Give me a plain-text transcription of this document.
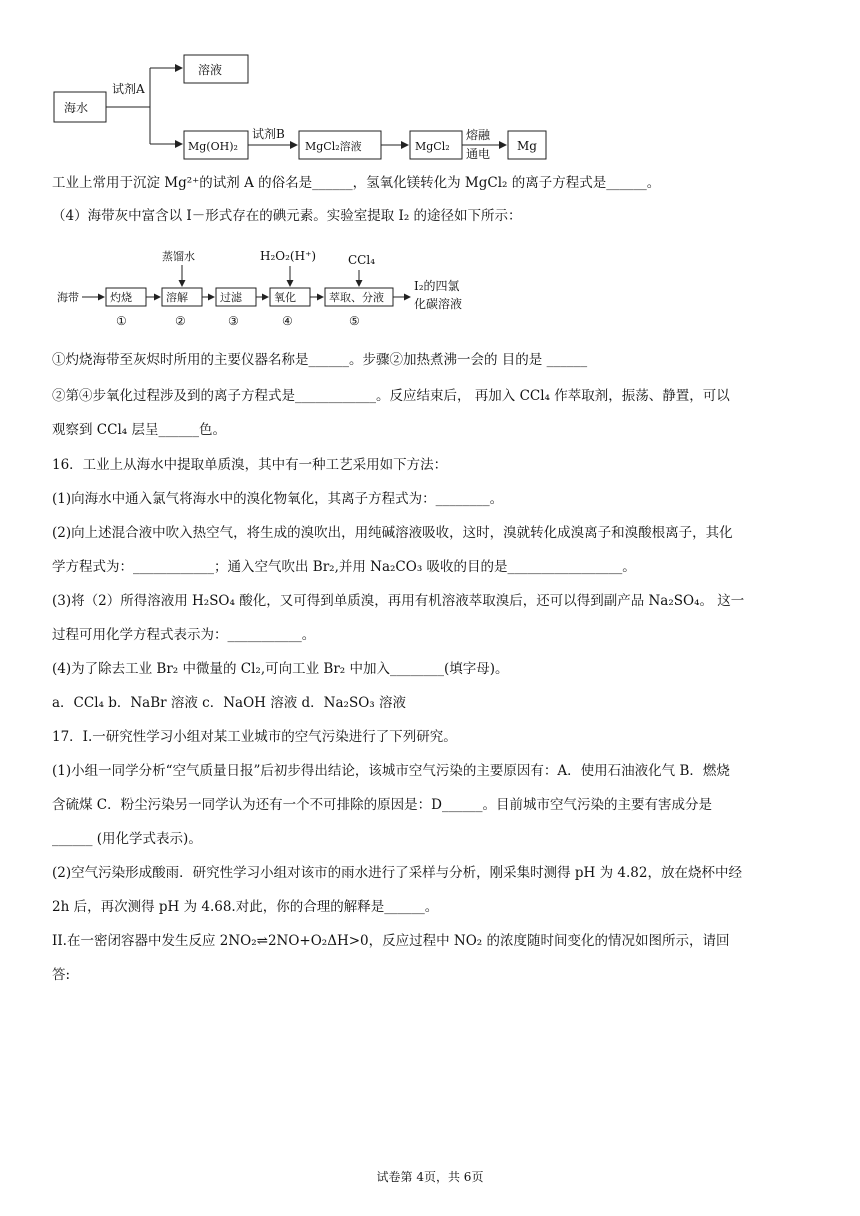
海水
试剂A
溶液
Mg(OH)₂
试剂B
MgCl₂溶液	MgCl₂
熔融
通电
Mg
工业上常用于沉淀 Mg²⁺的试剂 A 的俗名是______，氢氧化镁转化为 MgCl₂ 的离子方程式是______。
（4）海带灰中富含以 I－形式存在的碘元素。实验室提取 I₂ 的途径如下所示：
海带	灼烧	溶解	过滤	氧化	萃取、分液
I₂的四氯
化碳溶液
蒸馏水	H₂O₂(H⁺)	CCl₄
①	②	③	④	⑤
①灼烧海带至灰烬时所用的主要仪器名称是______。步骤②加热煮沸一会的 目的是 ______
②第④步氧化过程涉及到的离子方程式是____________。反应结束后， 再加入 CCl₄ 作萃取剂，振荡、静置，可以
观察到 CCl₄ 层呈______色。
16．工业上从海水中提取单质溴，其中有一种工艺采用如下方法：
(1)向海水中通入氯气将海水中的溴化物氧化，其离子方程式为：________。
(2)向上述混合液中吹入热空气，将生成的溴吹出，用纯碱溶液吸收，这时，溴就转化成溴离子和溴酸根离子，其化
学方程式为：____________；通入空气吹出 Br₂,并用 Na₂CO₃ 吸收的目的是_________________。
(3)将（2）所得溶液用 H₂SO₄ 酸化，又可得到单质溴，再用有机溶液萃取溴后，还可以得到副产品 Na₂SO₄。 这一
过程可用化学方程式表示为：___________。
(4)为了除去工业 Br₂ 中微量的 Cl₂,可向工业 Br₂ 中加入________(填字母)。
a．CCl₄ b．NaBr 溶液 c．NaOH 溶液 d．Na₂SO₃ 溶液
17．I.一研究性学习小组对某工业城市的空气污染进行了下列研究。
(1)小组一同学分析“空气质量日报”后初步得出结论，该城市空气污染的主要原因有：A．使用石油液化气 B．燃烧
含硫煤 C．粉尘污染另一同学认为还有一个不可排除的原因是：D______。目前城市空气污染的主要有害成分是
______ (用化学式表示)。
(2)空气污染形成酸雨．研究性学习小组对该市的雨水进行了采样与分析，刚采集时测得 pH 为 4.82，放在烧杯中经
2h 后，再次测得 pH 为 4.68.对此，你的合理的解释是______。
II.在一密闭容器中发生反应 2NO₂⇌2NO+O₂ΔH>0，反应过程中 NO₂ 的浓度随时间变化的情况如图所示，请回
答:
试卷第 4页，共 6页
